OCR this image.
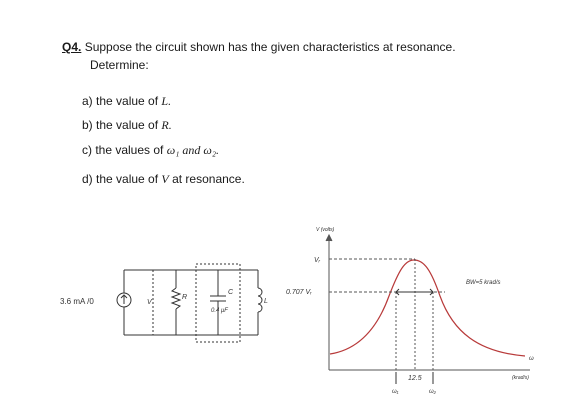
Q4. Suppose the circuit shown has the given characteristics at resonance.
Determine:
a) the value of L.
b) the value of R.
c) the values of ω₁ and ω₂.
d) the value of V at resonance.
3.6 mA /0	V
R
C
0.4 μF
L
V (volts)
Vᵣ
0.707 Vᵣ
BW=5 krad/s
ω
(krad/s)
12.5
ω₁	ω₂
